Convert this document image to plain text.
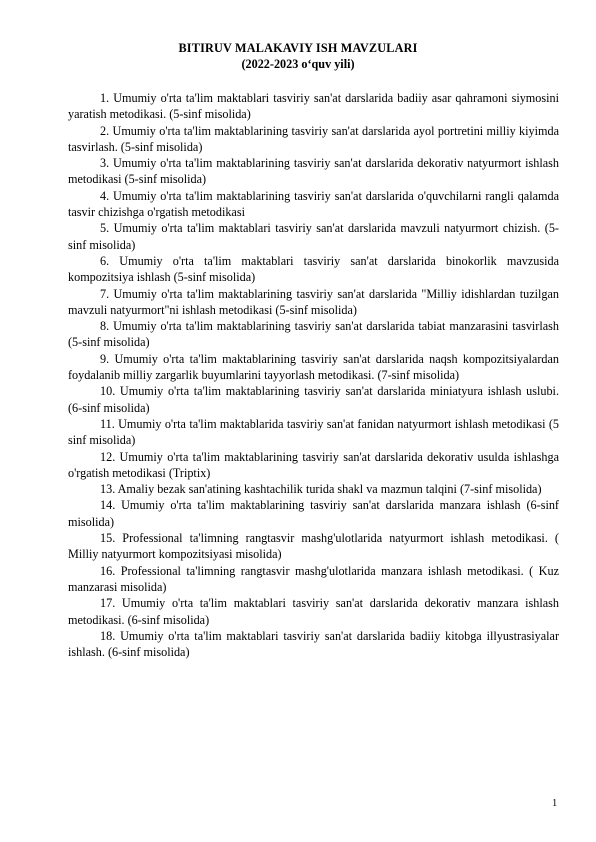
BITIRUV MALAKAVIY ISH MAVZULARI
(2022-2023 o‘quv yili)
1. Umumiy o'rta ta'lim maktablari tasviriy san'at darslarida badiiy asar qahramoni siymosini yaratish metodikasi. (5-sinf misolida)
2. Umumiy o'rta ta'lim maktablarining tasviriy san'at darslarida ayol portretini milliy kiyimda tasvirlash. (5-sinf misolida)
3. Umumiy o'rta ta'lim maktablarining tasviriy san'at darslarida dekorativ natyurmort ishlash metodikasi (5-sinf misolida)
4. Umumiy o'rta ta'lim maktablarining tasviriy san'at darslarida o'quvchilarni rangli qalamda tasvir chizishga o'rgatish metodikasi
5. Umumiy o'rta ta'lim maktablari tasviriy san'at darslarida mavzuli natyurmort chizish. (5-sinf misolida)
6. Umumiy o'rta ta'lim maktablari tasviriy san'at darslarida binokorlik mavzusida kompozitsiya ishlash (5-sinf misolida)
7. Umumiy o'rta ta'lim maktablarining tasviriy san'at darslarida "Milliy idishlardan tuzilgan mavzuli natyurmort"ni ishlash metodikasi (5-sinf misolida)
8. Umumiy o'rta ta'lim maktablarining tasviriy san'at darslarida tabiat manzarasini tasvirlash (5-sinf misolida)
9. Umumiy o'rta ta'lim maktablarining tasviriy san'at darslarida naqsh kompozitsiyalardan foydalanib milliy zargarlik buyumlarini tayyorlash metodikasi. (7-sinf misolida)
10. Umumiy o'rta ta'lim maktablarining tasviriy san'at darslarida miniatyura ishlash uslubi. (6-sinf misolida)
11. Umumiy o'rta ta'lim maktablarida tasviriy san'at fanidan natyurmort ishlash metodikasi (5 sinf misolida)
12. Umumiy o'rta ta'lim maktablarining tasviriy san'at darslarida dekorativ usulda ishlashga o'rgatish metodikasi (Triptix)
13. Amaliy bezak san'atining kashtachilik turida shakl va mazmun talqini (7-sinf misolida)
14. Umumiy o'rta ta'lim maktablarining tasviriy san'at darslarida manzara ishlash (6-sinf misolida)
15. Professional ta'limning rangtasvir mashg'ulotlarida natyurmort ishlash metodikasi. ( Milliy natyurmort kompozitsiyasi misolida)
16. Professional ta'limning rangtasvir mashg'ulotlarida manzara ishlash metodikasi. ( Kuz manzarasi misolida)
17. Umumiy o'rta ta'lim maktablari tasviriy san'at darslarida dekorativ manzara ishlash metodikasi. (6-sinf misolida)
18. Umumiy o'rta ta'lim maktablari tasviriy san'at darslarida badiiy kitobga illyustrasiyalar ishlash. (6-sinf misolida)
1
